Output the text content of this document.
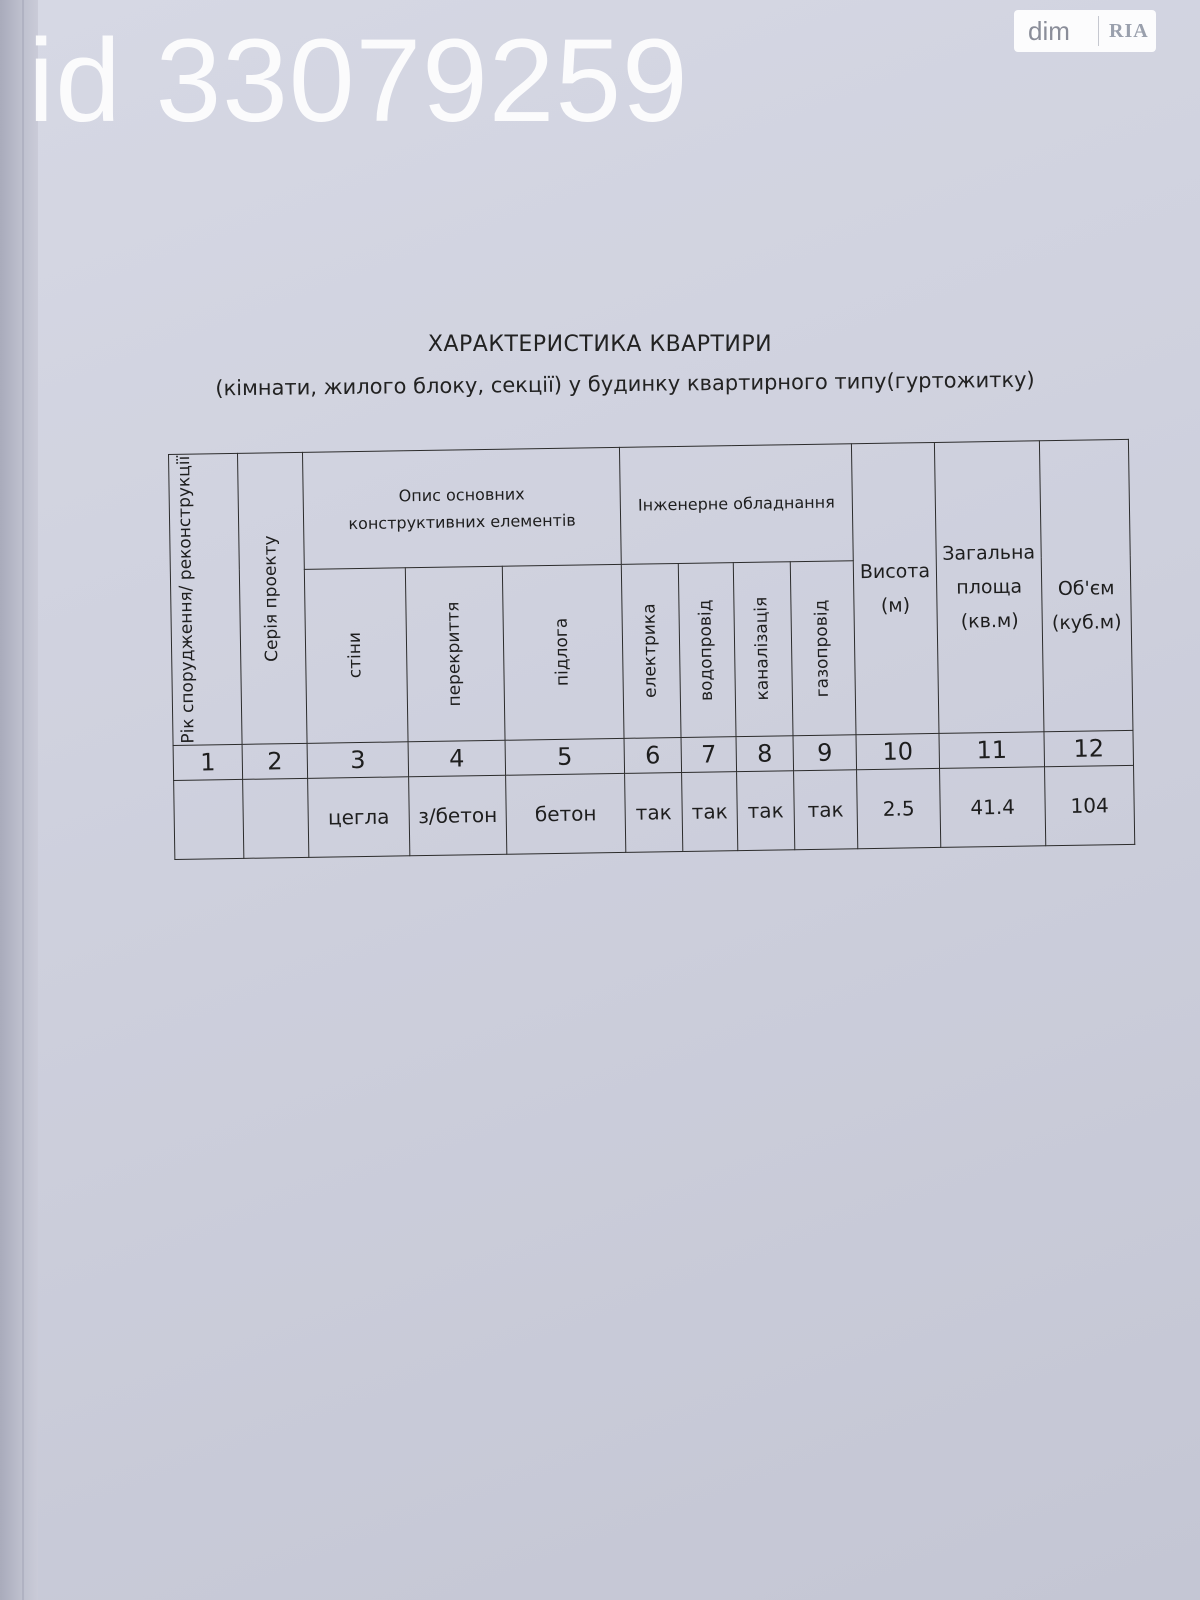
id 33079259	dim	RIA
ХАРАКТЕРИСТИКА КВАРТИРИ
(кімнати, жилого блоку, секції) у будинку квартирного типу(гуртожитку)
Рік спорудження/ реконструкції	Серія проекту	Опис основних конструктивних елементів			Інженерне обладнання				Висота (м)	Загальна площа (кв.м)	Об'єм (куб.м)

		стіни	перекриття	підлога	електрика	водопровід	каналізація	газопровід			

1	2	3	4	5	6	7	8	9	10	11	12
		цегла	з/бетон	бетон	так	так	так	так	2.5	41.4	104
